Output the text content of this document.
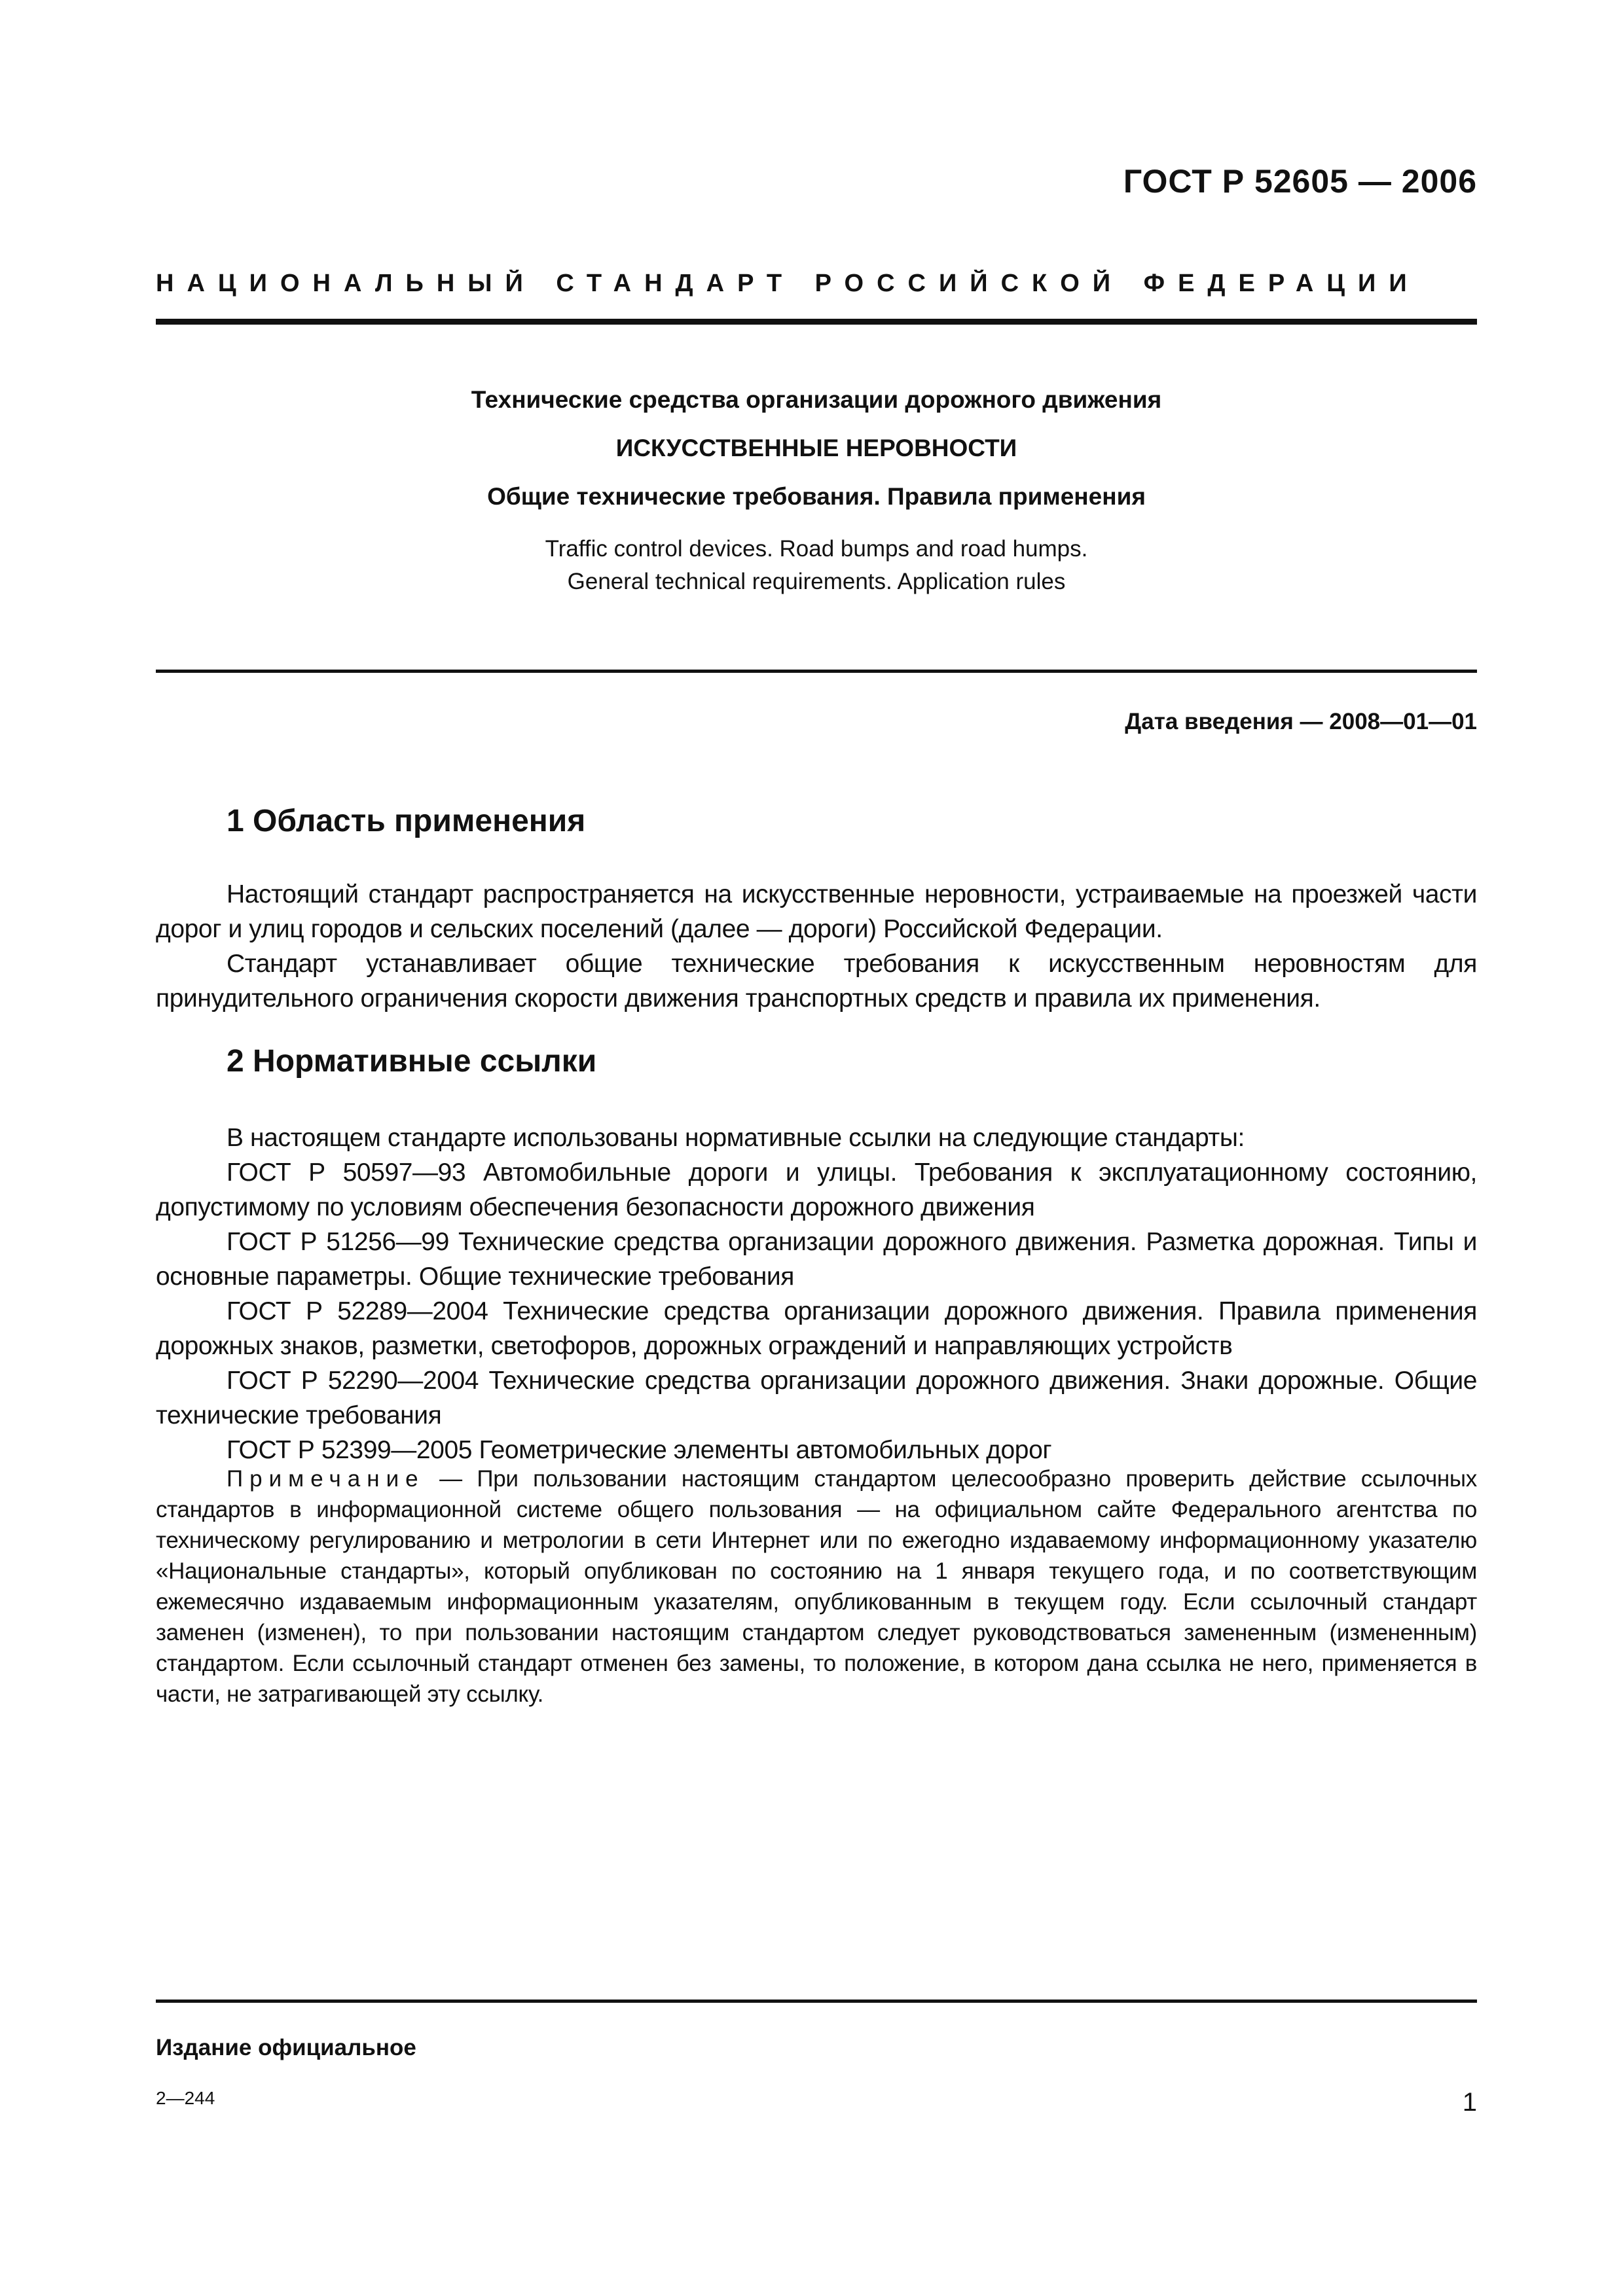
ГОСТ Р 52605 — 2006
НАЦИОНАЛЬНЫЙ СТАНДАРТ РОССИЙСКОЙ ФЕДЕРАЦИИ
Технические средства организации дорожного движения
ИСКУССТВЕННЫЕ НЕРОВНОСТИ
Общие технические требования. Правила применения
Traffic control devices. Road bumps and road humps.
General technical requirements. Application rules
Дата введения — 2008—01—01
1 Область применения

Настоящий стандарт распространяется на искусственные неровности, устраиваемые на проезжей части дорог и улиц городов и сельских поселений (далее — дороги) Российской Федерации.

Стандарт устанавливает общие технические требования к искусственным неровностям для принудительного ограничения скорости движения транспортных средств и правила их применения.

2 Нормативные ссылки

В настоящем стандарте использованы нормативные ссылки на следующие стандарты:

ГОСТ Р 50597—93 Автомобильные дороги и улицы. Требования к эксплуатационному состоянию, допустимому по условиям обеспечения безопасности дорожного движения

ГОСТ Р 51256—99 Технические средства организации дорожного движения. Разметка дорожная. Типы и основные параметры. Общие технические требования

ГОСТ Р 52289—2004 Технические средства организации дорожного движения. Правила применения дорожных знаков, разметки, светофоров, дорожных ограждений и направляющих устройств

ГОСТ Р 52290—2004 Технические средства организации дорожного движения. Знаки дорожные. Общие технические требования

ГОСТ Р 52399—2005 Геометрические элементы автомобильных дорог

Примечание — При пользовании настоящим стандартом целесообразно проверить действие ссылочных стандартов в информационной системе общего пользования — на официальном сайте Федерального агентства по техническому регулированию и метрологии в сети Интернет или по ежегодно издаваемому информационному указателю «Национальные стандарты», который опубликован по состоянию на 1 января текущего года, и по соответствующим ежемесячно издаваемым информационным указателям, опубликованным в текущем году. Если ссылочный стандарт заменен (изменен), то при пользовании настоящим стандартом следует руководствоваться замененным (измененным) стандартом. Если ссылочный стандарт отменен без замены, то положение, в котором дана ссылка не него, применяется в части, не затрагивающей эту ссылку.

Издание официальное
2—244	1
